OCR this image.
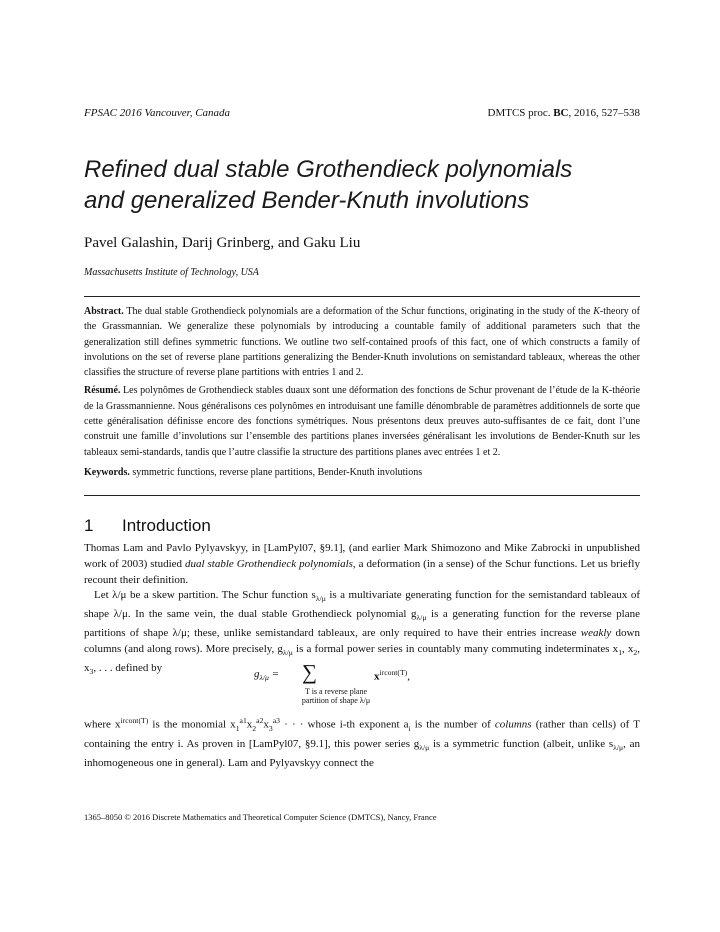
FPSAC 2016 Vancouver, Canada	DMTCS proc. BC, 2016, 527–538
Refined dual stable Grothendieck polynomials
and generalized Bender-Knuth involutions
Pavel Galashin, Darij Grinberg, and Gaku Liu
Massachusetts Institute of Technology, USA

Abstract. The dual stable Grothendieck polynomials are a deformation of the Schur functions, originating in the study of the K-theory of the Grassmannian. We generalize these polynomials by introducing a countable family of additional parameters such that the generalization still defines symmetric functions. We outline two self-contained proofs of this fact, one of which constructs a family of involutions on the set of reverse plane partitions generalizing the Bender-Knuth involutions on semistandard tableaux, whereas the other classifies the structure of reverse plane partitions with entries 1 and 2.

Résumé. Les polynômes de Grothendieck stables duaux sont une déformation des fonctions de Schur provenant de l’étude de la K-théorie de la Grassmannienne. Nous généralisons ces polynômes en introduisant une famille dénombrable de paramètres additionnels de sorte que cette généralisation définisse encore des fonctions symétriques. Nous présentons deux preuves auto-suffisantes de ce fait, dont l’une construit une famille d’involutions sur l’ensemble des partitions planes inversées généralisant les involutions de Bender-Knuth sur les tableaux semi-standards, tandis que l’autre classifie la structure des partitions planes avec entrées 1 et 2.

Keywords. symmetric functions, reverse plane partitions, Bender-Knuth involutions

1 Introduction

Thomas Lam and Pavlo Pylyavskyy, in [LamPyl07, §9.1], (and earlier Mark Shimozono and Mike Zabrocki in unpublished work of 2003) studied dual stable Grothendieck polynomials, a deformation (in a sense) of the Schur functions. Let us briefly recount their definition.

Let λ/μ be a skew partition. The Schur function $s_{\lambda/\mu}$ is a multivariate generating function for the semistandard tableaux of shape λ/μ. In the same vein, the dual stable Grothendieck polynomial $g_{\lambda/\mu}$ is a generating function for the reverse plane partitions of shape λ/μ; these, unlike semistandard tableaux, are only required to have their entries increase weakly down columns (and along rows). More precisely, $g_{\lambda/\mu}$ is a formal power series in countably many commuting indeterminates $x_1$, $x_2$, $x_3$, . . . defined by	$g_{\lambda/\mu}$ = ∑	$x^{ircont(T)}$,
T is a reverse plane
partition of shape λ/μ

where $x^{ircont(T)}$ is the monomial $x_1^{a1}x_2^{a2}x_3^{a3}$ · · · whose i-th exponent $a_i$ is the number of columns (rather than cells) of T containing the entry i. As proven in [LamPyl07, §9.1], this power series $g_{\lambda/\mu}$ is a symmetric function (albeit, unlike $s_{\lambda/\mu}$, an inhomogeneous one in general). Lam and Pylyavskyy connect the

1365–8050 © 2016 Discrete Mathematics and Theoretical Computer Science (DMTCS), Nancy, France
